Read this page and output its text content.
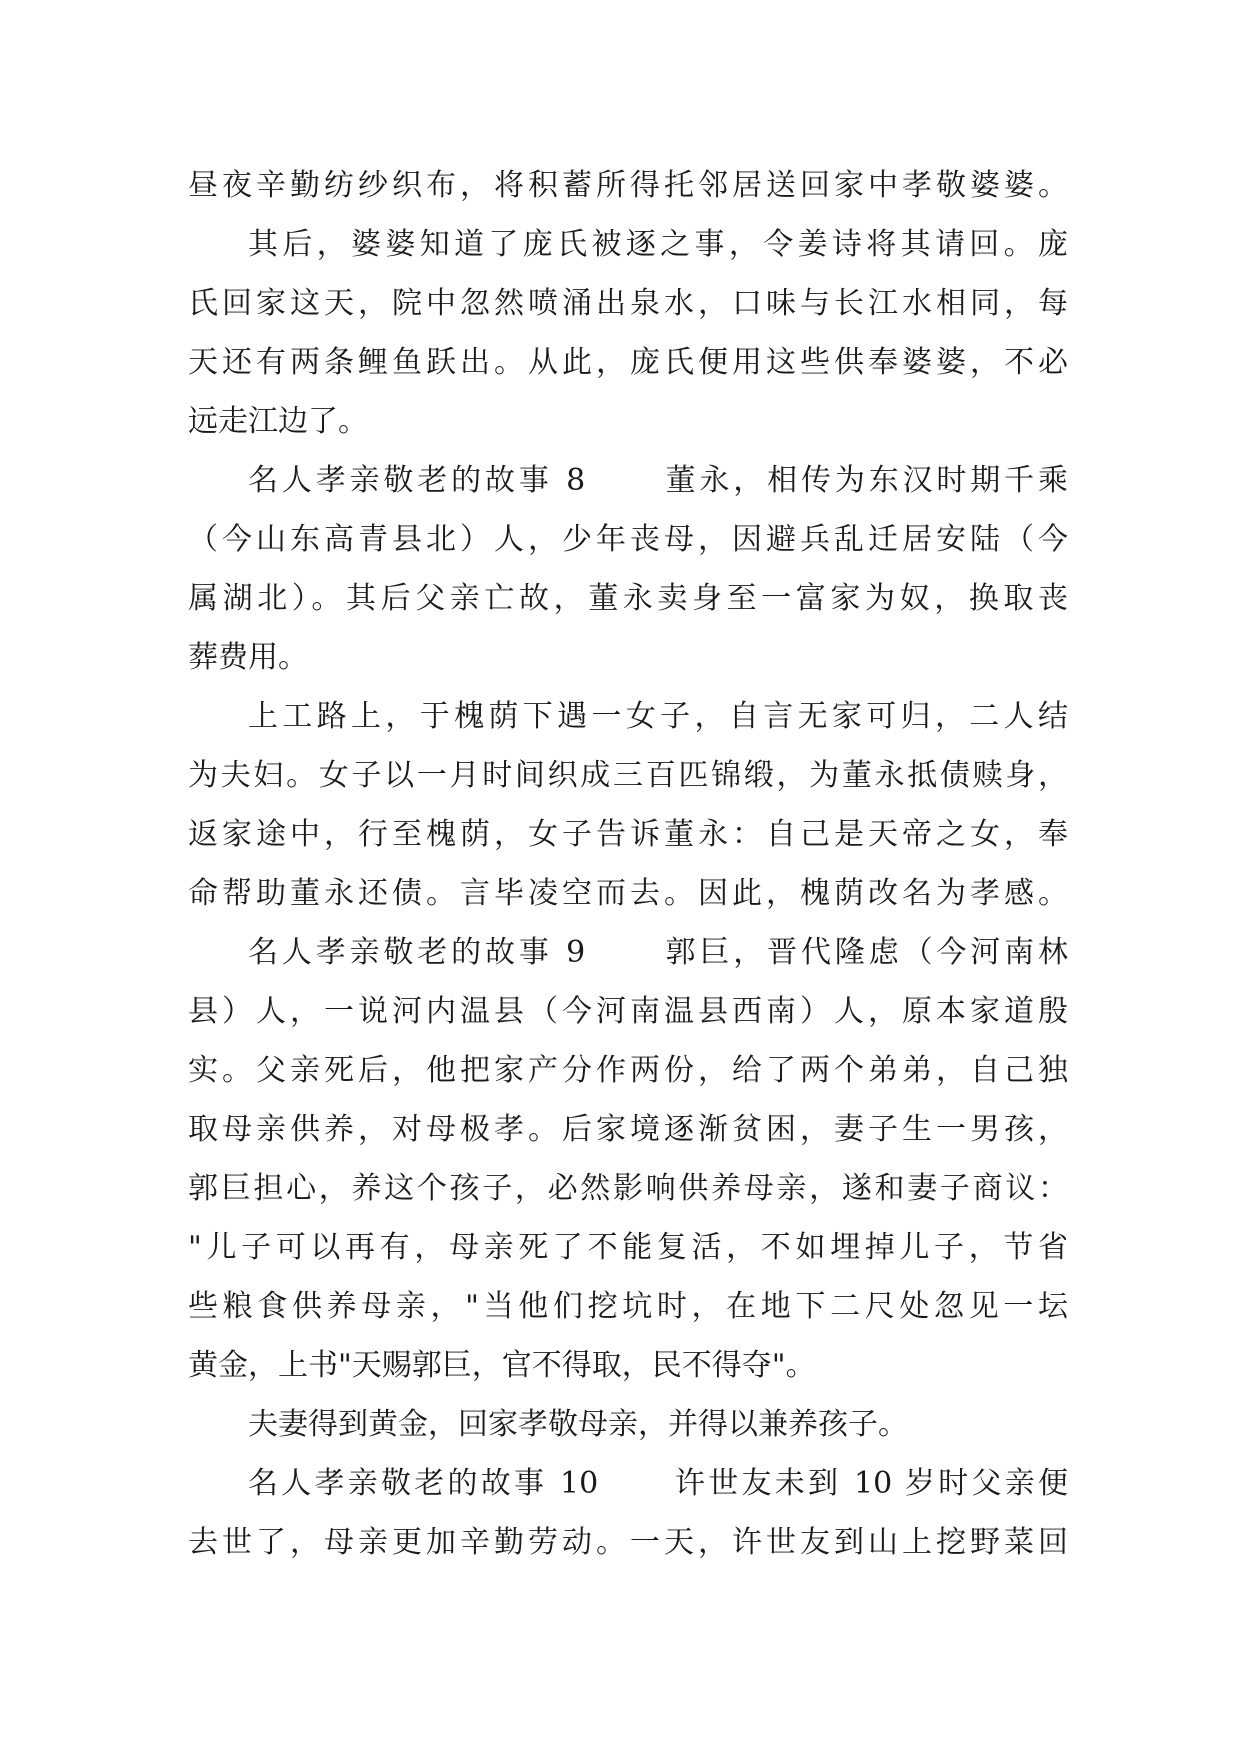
昼夜辛勤纺纱织布，将积蓄所得托邻居送回家中孝敬婆婆。
其后，婆婆知道了庞氏被逐之事，令姜诗将其请回。庞
氏回家这天，院中忽然喷涌出泉水，口味与长江水相同，每
天还有两条鲤鱼跃出。从此，庞氏便用这些供奉婆婆，不必
远走江边了。
名人孝亲敬老的故事 8      董永，相传为东汉时期千乘
（今山东高青县北）人，少年丧母，因避兵乱迁居安陆（今
属湖北）。其后父亲亡故，董永卖身至一富家为奴，换取丧
葬费用。
上工路上，于槐荫下遇一女子，自言无家可归，二人结
为夫妇。女子以一月时间织成三百匹锦缎，为董永抵债赎身，
返家途中，行至槐荫，女子告诉董永：自己是天帝之女，奉
命帮助董永还债。言毕凌空而去。因此，槐荫改名为孝感。
名人孝亲敬老的故事 9      郭巨，晋代隆虑（今河南林
县）人，一说河内温县（今河南温县西南）人，原本家道殷
实。父亲死后，他把家产分作两份，给了两个弟弟，自己独
取母亲供养，对母极孝。后家境逐渐贫困，妻子生一男孩，
郭巨担心，养这个孩子，必然影响供养母亲，遂和妻子商议：
"儿子可以再有，母亲死了不能复活，不如埋掉儿子，节省
些粮食供养母亲，"当他们挖坑时，在地下二尺处忽见一坛
黄金，上书"天赐郭巨，官不得取，民不得夺"。
夫妻得到黄金，回家孝敬母亲，并得以兼养孩子。
名人孝亲敬老的故事 10      许世友未到 10 岁时父亲便
去世了，母亲更加辛勤劳动。一天，许世友到山上挖野菜回
